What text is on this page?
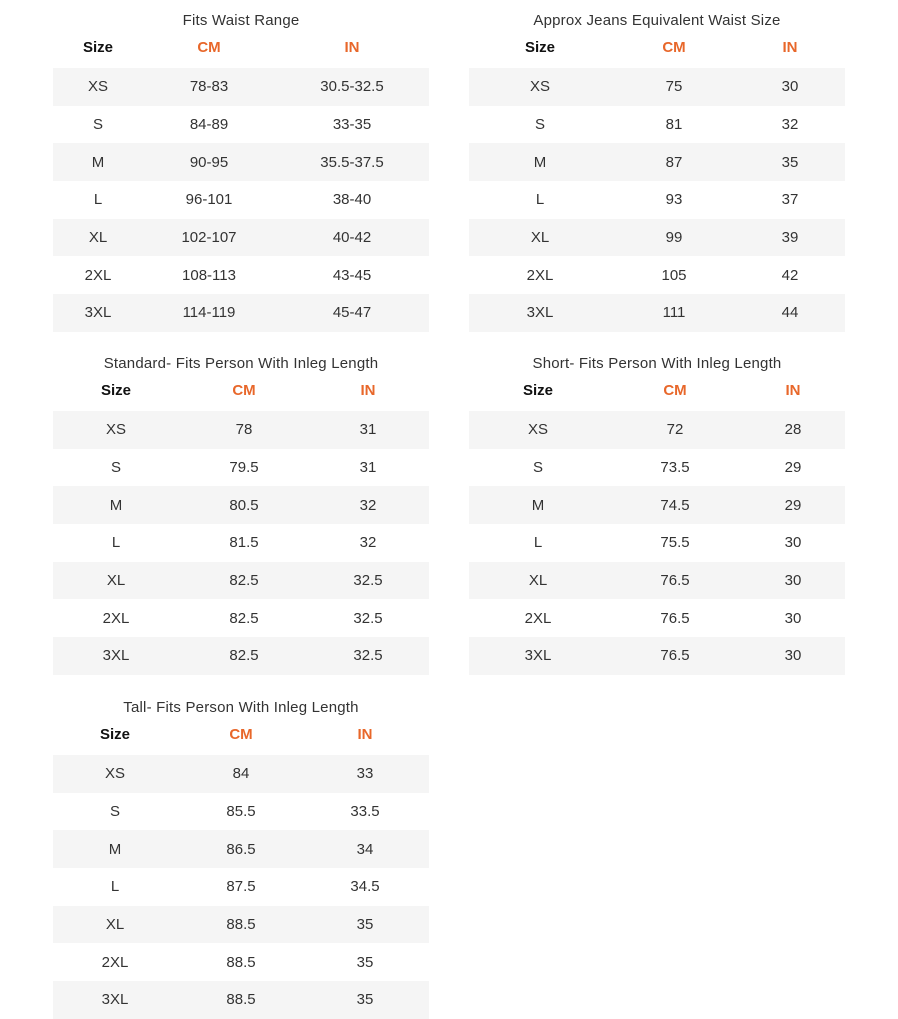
Fits Waist Range
Size	CM	IN
XS	78-83	30.5-32.5
S	84-89	33-35
M	90-95	35.5-37.5
L	96-101	38-40
XL	102-107	40-42
2XL	108-113	43-45
3XL	114-119	45-47
Approx Jeans Equivalent Waist Size
Size	CM	IN
XS	75	30
S	81	32
M	87	35
L	93	37
XL	99	39
2XL	105	42
3XL	111	44
Standard- Fits Person With Inleg Length
Size	CM	IN
XS	78	31
S	79.5	31
M	80.5	32
L	81.5	32
XL	82.5	32.5
2XL	82.5	32.5
3XL	82.5	32.5
Short- Fits Person With Inleg Length
Size	CM	IN
XS	72	28
S	73.5	29
M	74.5	29
L	75.5	30
XL	76.5	30
2XL	76.5	30
3XL	76.5	30
Tall- Fits Person With Inleg Length
Size	CM	IN
XS	84	33
S	85.5	33.5
M	86.5	34
L	87.5	34.5
XL	88.5	35
2XL	88.5	35
3XL	88.5	35
